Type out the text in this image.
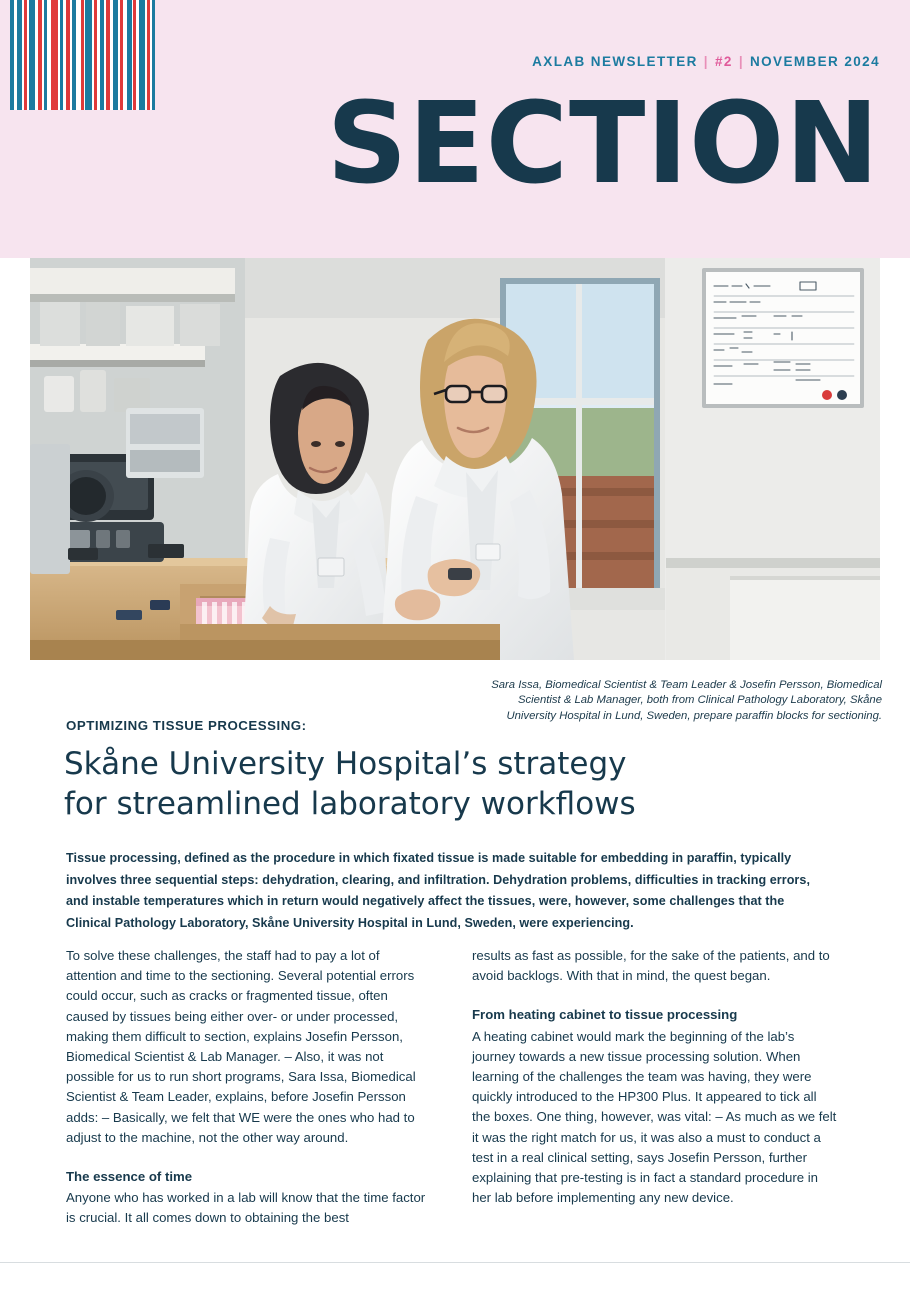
AXLAB NEWSLETTER | #2 | NOVEMBER 2024
SECTION
Sara Issa, Biomedical Scientist & Team Leader & Josefin Persson, Biomedical Scientist & Lab Manager, both from Clinical Pathology Laboratory, Skåne University Hospital in Lund, Sweden, prepare paraffin blocks for sectioning.
OPTIMIZING TISSUE PROCESSING:
Skåne University Hospital’s strategy
for streamlined laboratory workflows
Tissue processing, defined as the procedure in which fixated tissue is made suitable for embedding in paraffin, typically involves three sequential steps: dehydration, clearing, and infiltration. Dehydration problems, difficulties in tracking errors, and instable temperatures which in return would negatively affect the tissues, were, however, some challenges that the Clinical Pathology Laboratory, Skåne University Hospital in Lund, Sweden, were experiencing.

To solve these challenges, the staff had to pay a lot of attention and time to the sectioning. Several potential errors could occur, such as cracks or fragmented tissue, often caused by tissues being either over- or under processed, making them difficult to section, explains Josefin Persson, Biomedical Scientist & Lab Manager. – Also, it was not possible for us to run short programs, Sara Issa, Biomedical Scientist & Team Leader, explains, before Josefin Persson adds: – Basically, we felt that WE were the ones who had to adjust to the machine, not the other way around.

The essence of time

Anyone who has worked in a lab will know that the time factor is crucial. It all comes down to obtaining the best

results as fast as possible, for the sake of the patients, and to avoid backlogs. With that in mind, the quest began.

From heating cabinet to tissue processing

A heating cabinet would mark the beginning of the lab’s journey towards a new tissue processing solution. When learning of the challenges the team was having, they were quickly introduced to the HP300 Plus. It appeared to tick all the boxes. One thing, however, was vital: – As much as we felt it was the right match for us, it was also a must to conduct a test in a real clinical setting, says Josefin Persson, further explaining that pre-testing is in fact a standard procedure in her lab before implementing any new device.
